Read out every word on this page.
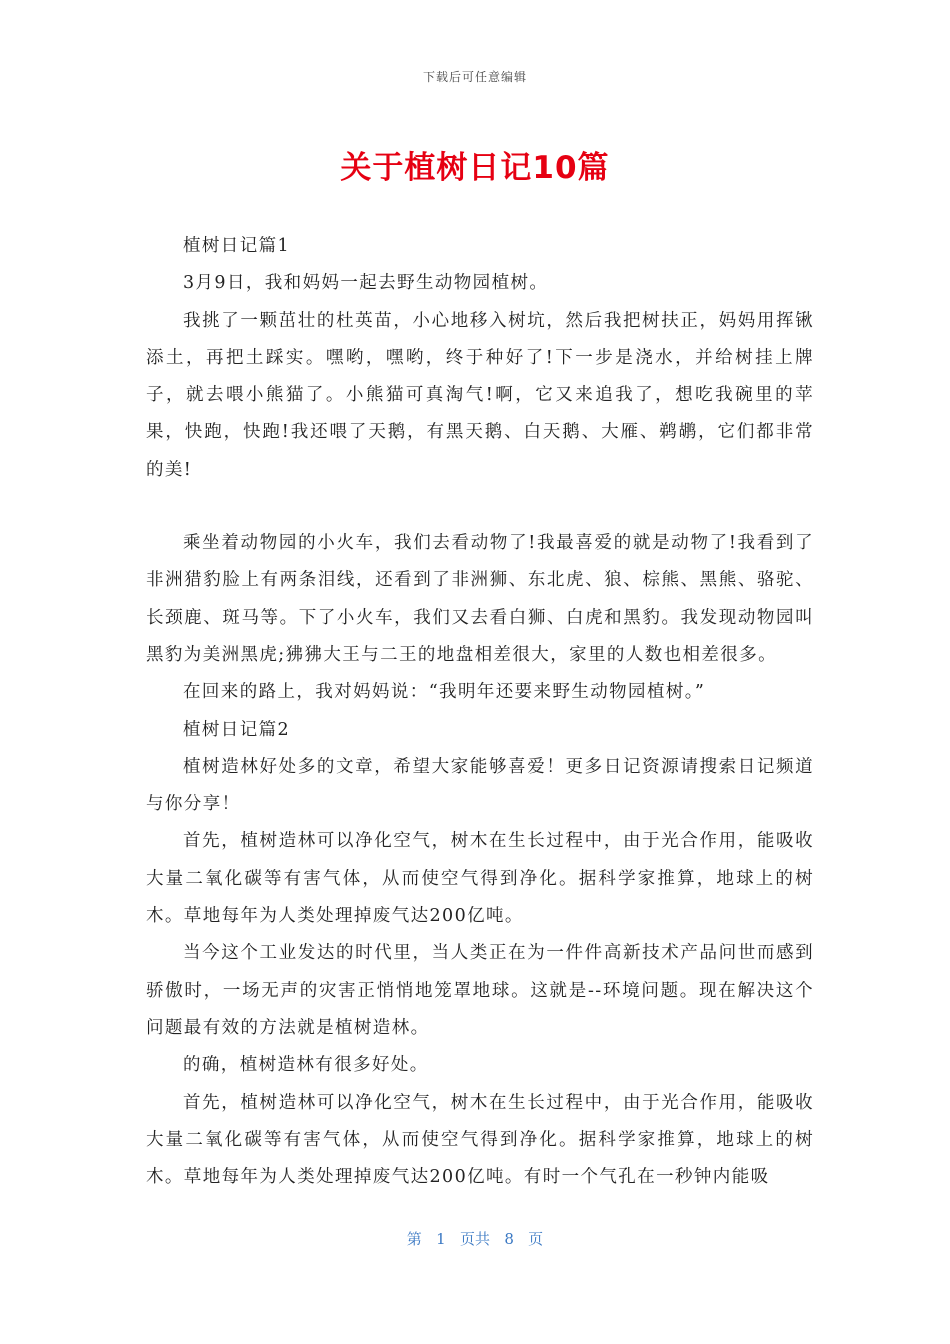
下载后可任意编辑
关于植树日记10篇

植树日记篇1

3月9日，我和妈妈一起去野生动物园植树。

我挑了一颗茁壮的杜英苗，小心地移入树坑，然后我把树扶正，妈妈用挥锹添土，再把土踩实。嘿哟，嘿哟，终于种好了!下一步是浇水，并给树挂上牌子，就去喂小熊猫了。小熊猫可真淘气!啊，它又来追我了，想吃我碗里的苹果，快跑，快跑!我还喂了天鹅，有黑天鹅、白天鹅、大雁、鹈鹕，它们都非常的美!

乘坐着动物园的小火车，我们去看动物了!我最喜爱的就是动物了!我看到了非洲猎豹脸上有两条泪线，还看到了非洲狮、东北虎、狼、棕熊、黑熊、骆驼、长颈鹿、斑马等。下了小火车，我们又去看白狮、白虎和黑豹。我发现动物园叫黑豹为美洲黑虎;狒狒大王与二王的地盘相差很大，家里的人数也相差很多。

在回来的路上，我对妈妈说：“我明年还要来野生动物园植树。”

植树日记篇2

植树造林好处多的文章，希望大家能够喜爱！更多日记资源请搜索日记频道与你分享！

首先，植树造林可以净化空气，树木在生长过程中，由于光合作用，能吸收大量二氧化碳等有害气体，从而使空气得到净化。据科学家推算，地球上的树木。草地每年为人类处理掉废气达200亿吨。

当今这个工业发达的时代里，当人类正在为一件件高新技术产品问世而感到骄傲时，一场无声的灾害正悄悄地笼罩地球。这就是--环境问题。现在解决这个问题最有效的方法就是植树造林。

的确，植树造林有很多好处。

首先，植树造林可以净化空气，树木在生长过程中，由于光合作用，能吸收大量二氧化碳等有害气体，从而使空气得到净化。据科学家推算，地球上的树木。草地每年为人类处理掉废气达200亿吨。有时一个气孔在一秒钟内能吸

第 1 页共 8 页
